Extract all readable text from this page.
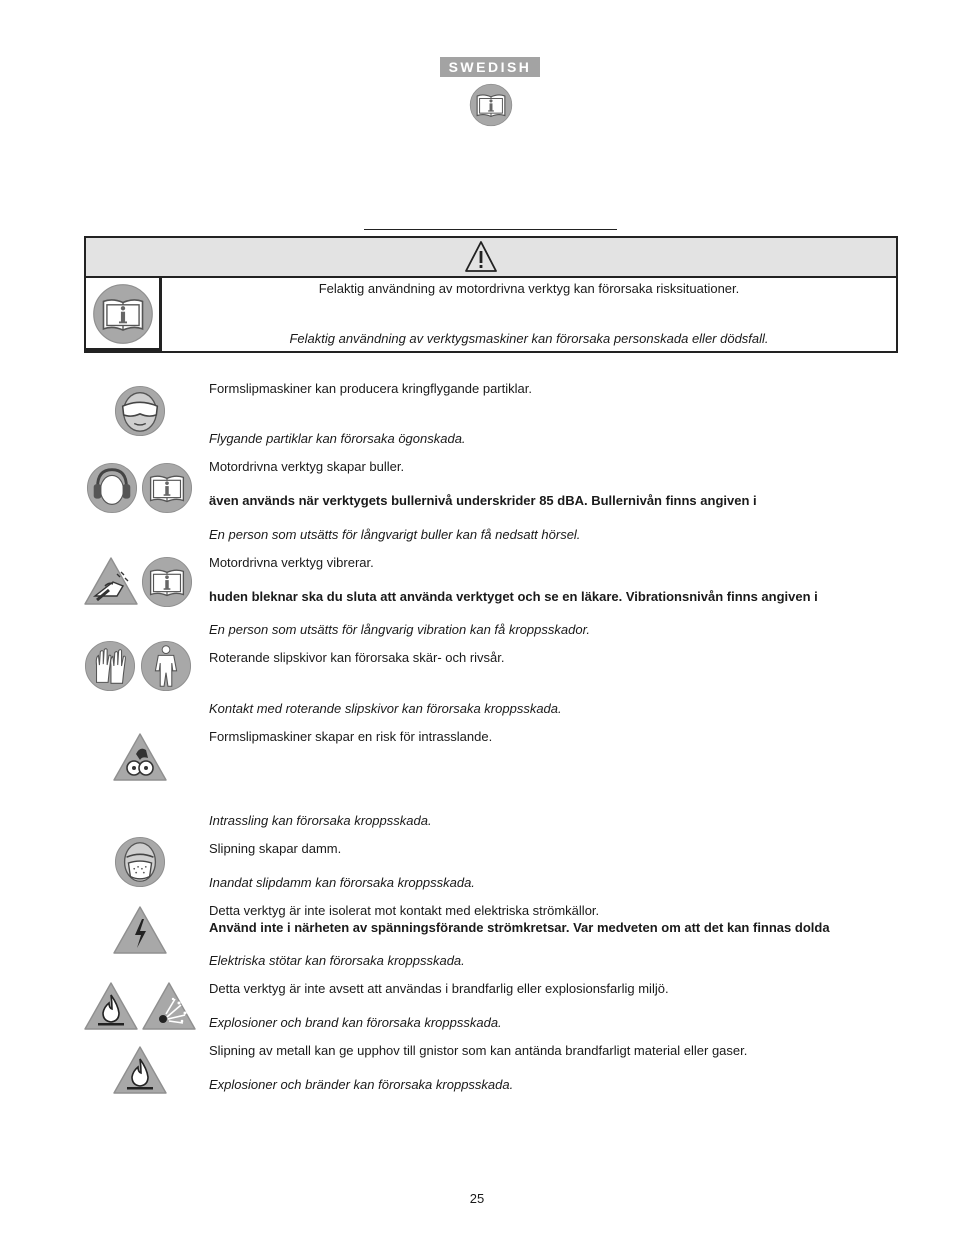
SWEDISH
Felaktig användning av motordrivna verktyg kan förorsaka risksituationer.
Felaktig användning av verktygsmaskiner kan förorsaka personskada eller dödsfall.
Formslipmaskiner kan producera kringflygande partiklar.
Flygande partiklar kan förorsaka ögonskada.
Motordrivna verktyg skapar buller.
även används när verktygets bullernivå underskrider 85 dBA. Bullernivån finns angiven i
En person som utsätts för långvarigt buller kan få nedsatt hörsel.
Motordrivna verktyg vibrerar.
huden bleknar ska du sluta att använda verktyget och se en läkare. Vibrationsnivån finns angiven i
En person som utsätts för långvarig vibration kan få kroppsskador.
Roterande slipskivor kan förorsaka skär- och rivsår.
Kontakt med roterande slipskivor kan förorsaka kroppsskada.
Formslipmaskiner skapar en risk för intrasslande.
Intrassling kan förorsaka kroppsskada.
Slipning skapar damm.
Inandat slipdamm kan förorsaka kroppsskada.
Detta verktyg är inte isolerat mot kontakt med elektriska strömkällor.
Använd inte i närheten av spänningsförande strömkretsar. Var medveten om att det kan finnas dolda
Elektriska stötar kan förorsaka kroppsskada.
Detta verktyg är inte avsett att användas i brandfarlig eller explosionsfarlig miljö.
Explosioner och brand kan förorsaka kroppsskada.
Slipning av metall kan ge upphov till gnistor som kan antända brandfarligt material eller gaser.
Explosioner och bränder kan förorsaka kroppsskada.
25
